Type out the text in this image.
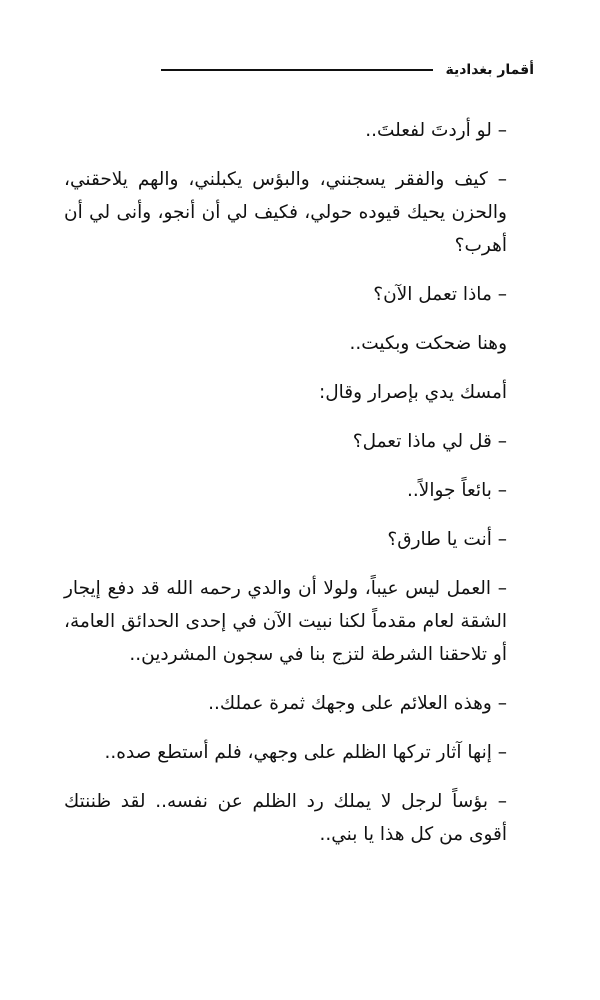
أقمار بغدادية

– لو أردتَ لفعلتَ..

– كيف والفقر يسجنني، والبؤس يكبلني، والهم يلاحقني، والحزن يحيك قيوده حولي، فكيف لي أن أنجو، وأنى لي أن أهرب؟

– ماذا تعمل الآن؟

وهنا ضحكت وبكيت..

أمسك يدي بإصرار وقال:

– قل لي ماذا تعمل؟

– بائعاً جوالاً..

– أنت يا طارق؟

– العمل ليس عيباً، ولولا أن والدي رحمه الله قد دفع إيجار الشقة لعام مقدماً لكنا نبيت الآن في إحدى الحدائق العامة، أو تلاحقنا الشرطة لتزج بنا في سجون المشردين..

– وهذه العلائم على وجهك ثمرة عملك..

– إنها آثار تركها الظلم على وجهي، فلم أستطع صده..

– بؤساً لرجل لا يملك رد الظلم عن نفسه.. لقد ظننتك أقوى من كل هذا يا بني..
